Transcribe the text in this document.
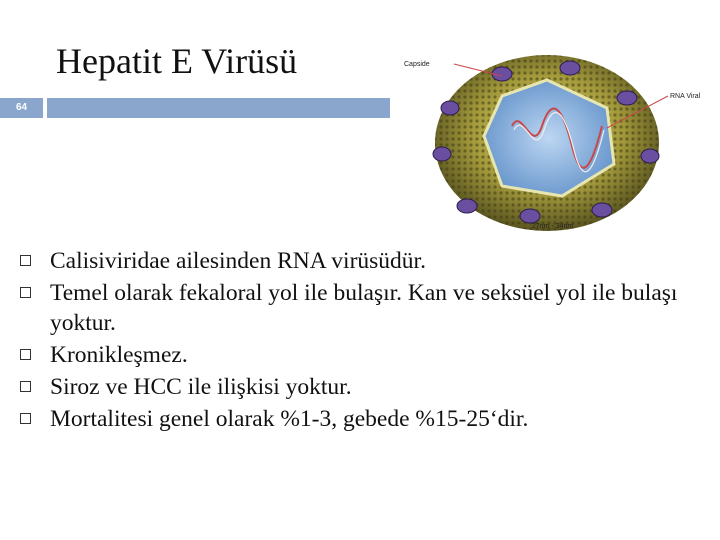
Hepatit E Virüsü
64
Capside
RNA Viral
27nm - 34nm
Calisiviridae ailesinden RNA virüsüdür.
Temel olarak fekaloral yol ile bulaşır. Kan ve seksüel yol ile bulaşı yoktur.
Kronikleşmez.
Siroz ve HCC ile ilişkisi yoktur.
Mortalitesi genel olarak %1-3, gebede %15-25‘dir.
